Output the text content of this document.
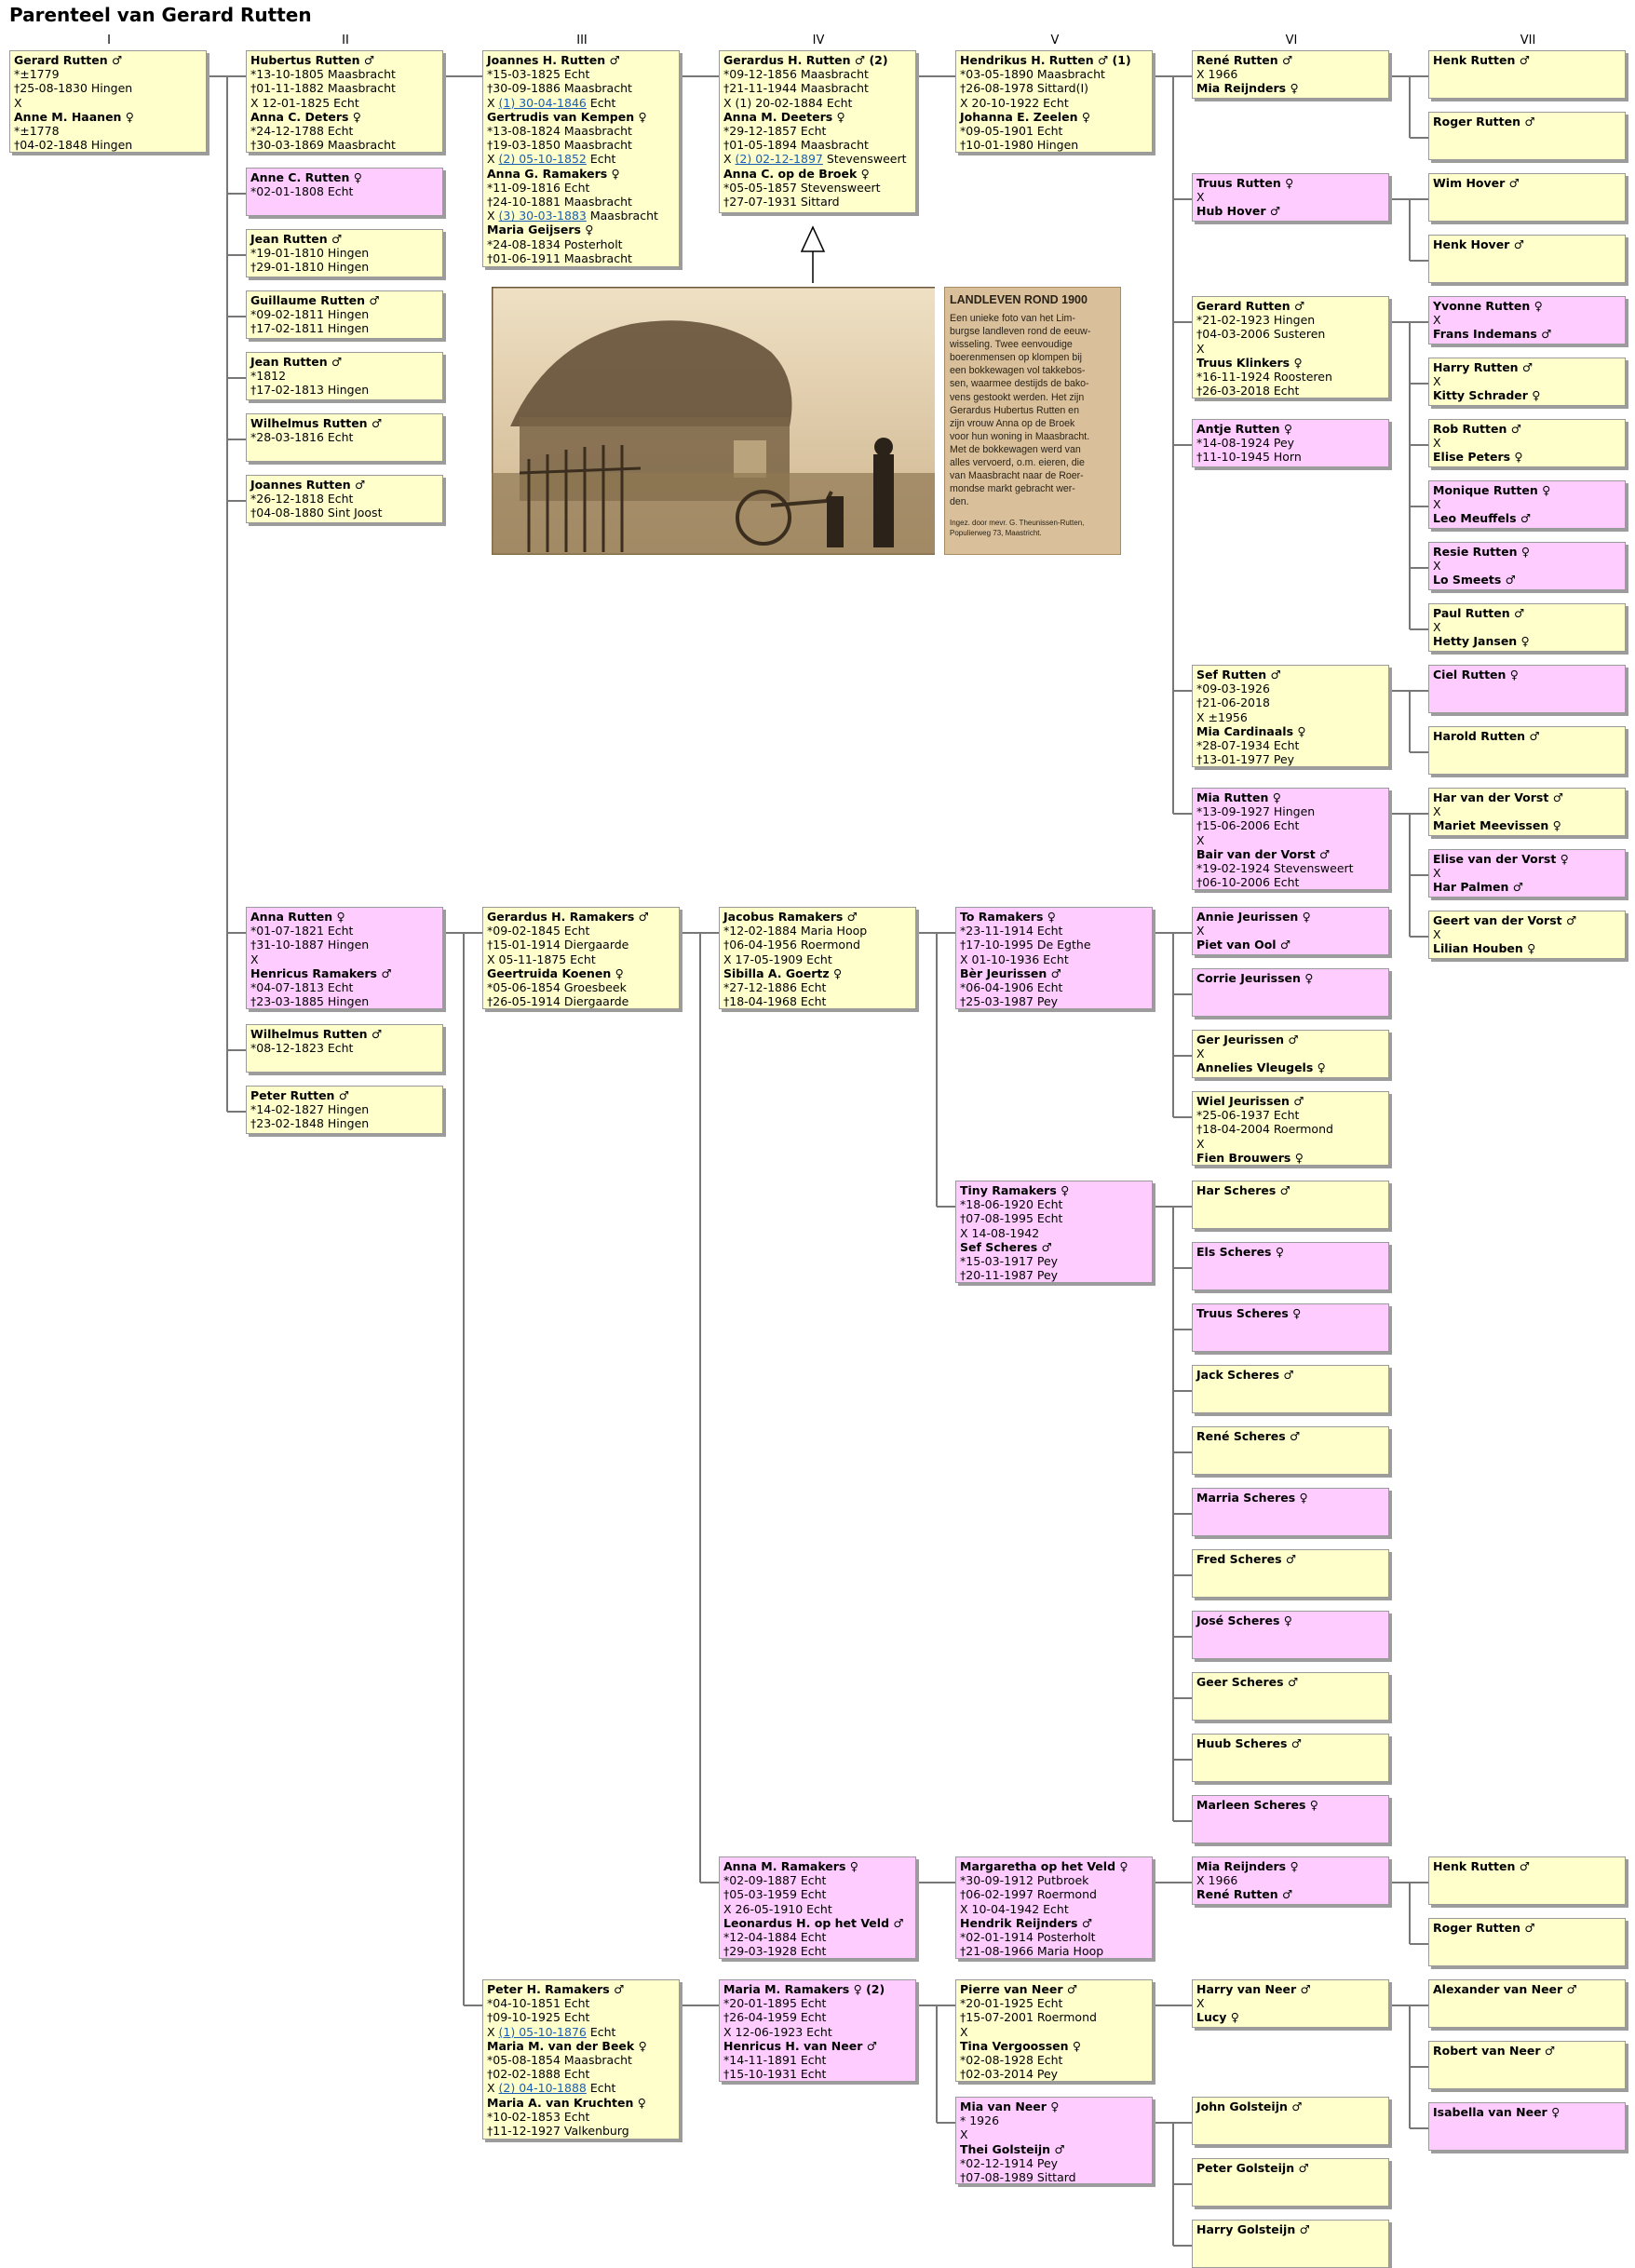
Parenteel van Gerard Rutten
I	II	III	IV	V	VI	VII
LANDLEVEN ROND 1900
Een unieke foto van het Lim-
burgse landleven rond de eeuw-
wisseling. Twee eenvoudige
boerenmensen op klompen bij
een bokkewagen vol takkebos-
sen, waarmee destijds de bako-
vens gestookt werden. Het zijn
Gerardus Hubertus Rutten en
zijn vrouw Anna op de Broek
voor hun woning in Maasbracht.
Met de bokkewagen werd van
alles vervoerd, o.m. eieren, die
van Maasbracht naar de Roer-
mondse markt gebracht wer-
den.
Ingez. door mevr. G. Theunissen-Rutten,
Populierweg 73, Maastricht.
Gerard Rutten ♂
*±1779
†25-08-1830 Hingen
X
Anne M. Haanen ♀
*±1778
†04-02-1848 Hingen
Hubertus Rutten ♂
*13-10-1805 Maasbracht
†01-11-1882 Maasbracht
X 12-01-1825 Echt
Anna C. Deters ♀
*24-12-1788 Echt
†30-03-1869 Maasbracht
Anne C. Rutten ♀
*02-01-1808 Echt
Jean Rutten ♂
*19-01-1810 Hingen
†29-01-1810 Hingen
Guillaume Rutten ♂
*09-02-1811 Hingen
†17-02-1811 Hingen
Jean Rutten ♂
*1812
†17-02-1813 Hingen
Wilhelmus Rutten ♂
*28-03-1816 Echt
Joannes Rutten ♂
*26-12-1818 Echt
†04-08-1880 Sint Joost
Joannes H. Rutten ♂
*15-03-1825 Echt
†30-09-1886 Maasbracht
X (1) 30-04-1846 Echt
Gertrudis van Kempen ♀
*13-08-1824 Maasbracht
†19-03-1850 Maasbracht
X (2) 05-10-1852 Echt
Anna G. Ramakers ♀
*11-09-1816 Echt
†24-10-1881 Maasbracht
X (3) 30-03-1883 Maasbracht
Maria Geijsers ♀
*24-08-1834 Posterholt
†01-06-1911 Maasbracht
Gerardus H. Rutten ♂ (2)
*09-12-1856 Maasbracht
†21-11-1944 Maasbracht
X (1) 20-02-1884 Echt
Anna M. Deeters ♀
*29-12-1857 Echt
†01-05-1894 Maasbracht
X (2) 02-12-1897 Stevensweert
Anna C. op de Broek ♀
*05-05-1857 Stevensweert
†27-07-1931 Sittard
Hendrikus H. Rutten ♂ (1)
*03-05-1890 Maasbracht
†26-08-1978 Sittard(I)
X 20-10-1922 Echt
Johanna E. Zeelen ♀
*09-05-1901 Echt
†10-01-1980 Hingen
René Rutten ♂
X 1966
Mia Reijnders ♀
Truus Rutten ♀
X
Hub Hover ♂
Gerard Rutten ♂
*21-02-1923 Hingen
†04-03-2006 Susteren
X
Truus Klinkers ♀
*16-11-1924 Roosteren
†26-03-2018 Echt
Antje Rutten ♀
*14-08-1924 Pey
†11-10-1945 Horn
Sef Rutten ♂
*09-03-1926
†21-06-2018
X ±1956
Mia Cardinaals ♀
*28-07-1934 Echt
†13-01-1977 Pey
Mia Rutten ♀
*13-09-1927 Hingen
†15-06-2006 Echt
X
Bair van der Vorst ♂
*19-02-1924 Stevensweert
†06-10-2006 Echt
Henk Rutten ♂
Roger Rutten ♂
Wim Hover ♂
Henk Hover ♂
Yvonne Rutten ♀
X
Frans Indemans ♂
Harry Rutten ♂
X
Kitty Schrader ♀
Rob Rutten ♂
X
Elise Peters ♀
Monique Rutten ♀
X
Leo Meuffels ♂
Resie Rutten ♀
X
Lo Smeets ♂
Paul Rutten ♂
X
Hetty Jansen ♀
Ciel Rutten ♀
Harold Rutten ♂
Har van der Vorst ♂
X
Mariet Meevissen ♀
Elise van der Vorst ♀
X
Har Palmen ♂
Geert van der Vorst ♂
X
Lilian Houben ♀
Anna Rutten ♀
*01-07-1821 Echt
†31-10-1887 Hingen
X
Henricus Ramakers ♂
*04-07-1813 Echt
†23-03-1885 Hingen
Wilhelmus Rutten ♂
*08-12-1823 Echt
Peter Rutten ♂
*14-02-1827 Hingen
†23-02-1848 Hingen
Gerardus H. Ramakers ♂
*09-02-1845 Echt
†15-01-1914 Diergaarde
X 05-11-1875 Echt
Geertruida Koenen ♀
*05-06-1854 Groesbeek
†26-05-1914 Diergaarde
Jacobus Ramakers ♂
*12-02-1884 Maria Hoop
†06-04-1956 Roermond
X 17-05-1909 Echt
Sibilla A. Goertz ♀
*27-12-1886 Echt
†18-04-1968 Echt
To Ramakers ♀
*23-11-1914 Echt
†17-10-1995 De Egthe
X 01-10-1936 Echt
Bèr Jeurissen ♂
*06-04-1906 Echt
†25-03-1987 Pey
Annie Jeurissen ♀
X
Piet van Ool ♂
Corrie Jeurissen ♀
Ger Jeurissen ♂
X
Annelies Vleugels ♀
Wiel Jeurissen ♂
*25-06-1937 Echt
†18-04-2004 Roermond
X
Fien Brouwers ♀
Tiny Ramakers ♀
*18-06-1920 Echt
†07-08-1995 Echt
X 14-08-1942
Sef Scheres ♂
*15-03-1917 Pey
†20-11-1987 Pey
Har Scheres ♂
Els Scheres ♀
Truus Scheres ♀
Jack Scheres ♂
René Scheres ♂
Marria Scheres ♀
Fred Scheres ♂
José Scheres ♀
Geer Scheres ♂
Huub Scheres ♂
Marleen Scheres ♀
Anna M. Ramakers ♀
*02-09-1887 Echt
†05-03-1959 Echt
X 26-05-1910 Echt
Leonardus H. op het Veld ♂
*12-04-1884 Echt
†29-03-1928 Echt
Margaretha op het Veld ♀
*30-09-1912 Putbroek
†06-02-1997 Roermond
X 10-04-1942 Echt
Hendrik Reijnders ♂
*02-01-1914 Posterholt
†21-08-1966 Maria Hoop
Mia Reijnders ♀
X 1966
René Rutten ♂
Henk Rutten ♂
Roger Rutten ♂
Peter H. Ramakers ♂
*04-10-1851 Echt
†09-10-1925 Echt
X (1) 05-10-1876 Echt
Maria M. van der Beek ♀
*05-08-1854 Maasbracht
†02-02-1888 Echt
X (2) 04-10-1888 Echt
Maria A. van Kruchten ♀
*10-02-1853 Echt
†11-12-1927 Valkenburg
Maria M. Ramakers ♀ (2)
*20-01-1895 Echt
†26-04-1959 Echt
X 12-06-1923 Echt
Henricus H. van Neer ♂
*14-11-1891 Echt
†15-10-1931 Echt
Pierre van Neer ♂
*20-01-1925 Echt
†15-07-2001 Roermond
X
Tina Vergoossen ♀
*02-08-1928 Echt
†02-03-2014 Pey
Harry van Neer ♂
X
Lucy ♀
Alexander van Neer ♂
Robert van Neer ♂
Isabella van Neer ♀
Mia van Neer ♀
* 1926
X
Thei Golsteijn ♂
*02-12-1914 Pey
†07-08-1989 Sittard
John Golsteijn ♂
Peter Golsteijn ♂
Harry Golsteijn ♂
